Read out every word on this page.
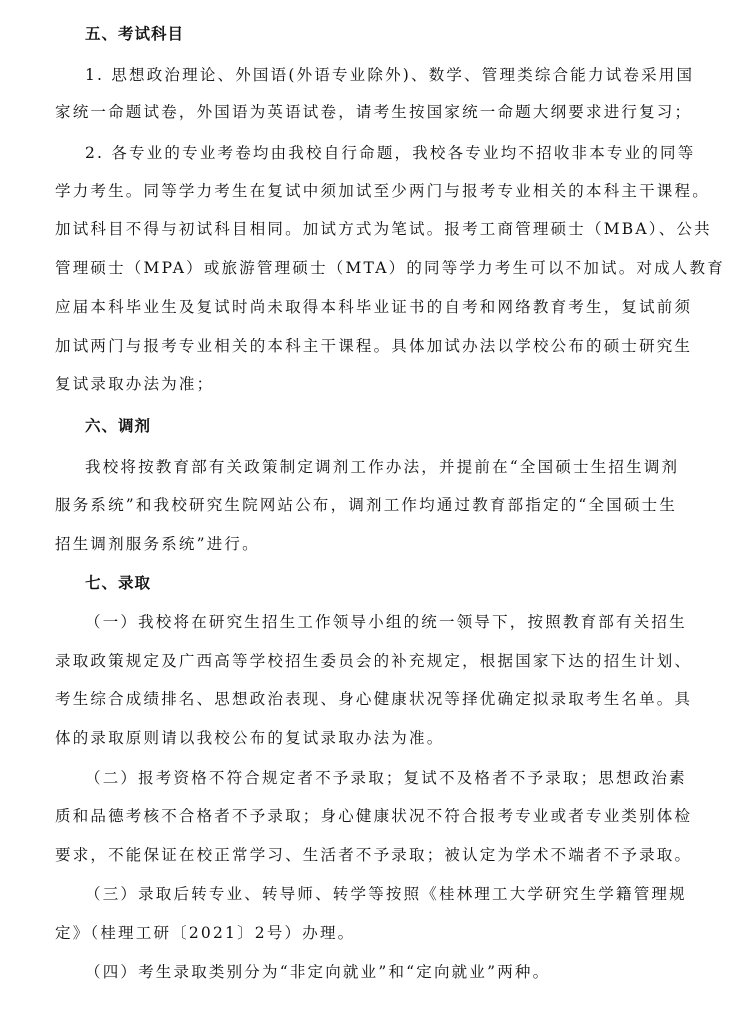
五、考试科目
1. 思想政治理论、外国语(外语专业除外)、数学、管理类综合能力试卷采用国
家统一命题试卷，外国语为英语试卷，请考生按国家统一命题大纲要求进行复习；
2. 各专业的专业考卷均由我校自行命题，我校各专业均不招收非本专业的同等
学力考生。同等学力考生在复试中须加试至少两门与报考专业相关的本科主干课程。
加试科目不得与初试科目相同。加试方式为笔试。报考工商管理硕士（MBA）、公共
管理硕士（MPA）或旅游管理硕士（MTA）的同等学力考生可以不加试。对成人教育
应届本科毕业生及复试时尚未取得本科毕业证书的自考和网络教育考生，复试前须
加试两门与报考专业相关的本科主干课程。具体加试办法以学校公布的硕士研究生
复试录取办法为准；
六、调剂
我校将按教育部有关政策制定调剂工作办法，并提前在“全国硕士生招生调剂
服务系统”和我校研究生院网站公布，调剂工作均通过教育部指定的“全国硕士生
招生调剂服务系统”进行。
七、录取
（一）我校将在研究生招生工作领导小组的统一领导下，按照教育部有关招生
录取政策规定及广西高等学校招生委员会的补充规定，根据国家下达的招生计划、
考生综合成绩排名、思想政治表现、身心健康状况等择优确定拟录取考生名单。具
体的录取原则请以我校公布的复试录取办法为准。
（二）报考资格不符合规定者不予录取；复试不及格者不予录取；思想政治素
质和品德考核不合格者不予录取；身心健康状况不符合报考专业或者专业类别体检
要求，不能保证在校正常学习、生活者不予录取；被认定为学术不端者不予录取。
（三）录取后转专业、转导师、转学等按照《桂林理工大学研究生学籍管理规
定》（桂理工研〔2021〕2号）办理。
（四）考生录取类别分为“非定向就业”和“定向就业”两种。
